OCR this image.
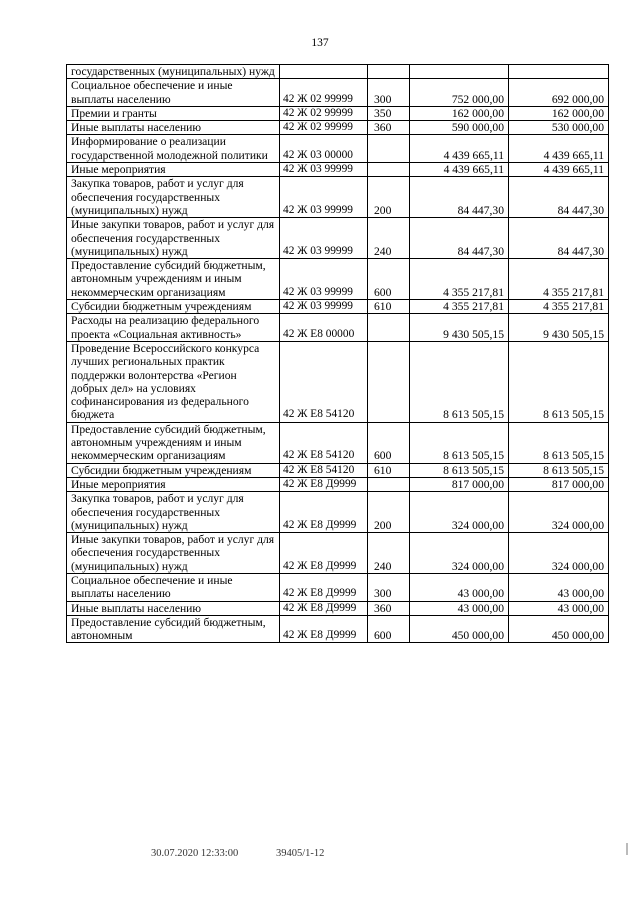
137
государственных (муниципальных) нужд				
Социальное обеспечение и иные выплаты населению	42 Ж 02 99999	300	752 000,00	692 000,00
Премии и гранты	42 Ж 02 99999	350	162 000,00	162 000,00
Иные выплаты населению	42 Ж 02 99999	360	590 000,00	530 000,00
Информирование о реализации государственной молодежной политики	42 Ж 03 00000		4 439 665,11	4 439 665,11
Иные мероприятия	42 Ж 03 99999		4 439 665,11	4 439 665,11
Закупка товаров, работ и услуг для обеспечения государственных (муниципальных) нужд	42 Ж 03 99999	200	84 447,30	84 447,30
Иные закупки товаров, работ и услуг для обеспечения государственных (муниципальных) нужд	42 Ж 03 99999	240	84 447,30	84 447,30
Предоставление субсидий бюджетным, автономным учреждениям и иным некоммерческим организациям	42 Ж 03 99999	600	4 355 217,81	4 355 217,81
Субсидии бюджетным учреждениям	42 Ж 03 99999	610	4 355 217,81	4 355 217,81
Расходы на реализацию федерального проекта «Социальная активность»	42 Ж E8 00000		9 430 505,15	9 430 505,15
Проведение Всероссийского конкурса лучших региональных практик поддержки волонтерства «Регион добрых дел» на условиях софинансирования из федерального бюджета	42 Ж E8 54120		8 613 505,15	8 613 505,15
Предоставление субсидий бюджетным, автономным учреждениям и иным некоммерческим организациям	42 Ж E8 54120	600	8 613 505,15	8 613 505,15
Субсидии бюджетным учреждениям	42 Ж E8 54120	610	8 613 505,15	8 613 505,15
Иные мероприятия	42 Ж E8 Д9999		817 000,00	817 000,00
Закупка товаров, работ и услуг для обеспечения государственных (муниципальных) нужд	42 Ж E8 Д9999	200	324 000,00	324 000,00
Иные закупки товаров, работ и услуг для обеспечения государственных (муниципальных) нужд	42 Ж E8 Д9999	240	324 000,00	324 000,00
Социальное обеспечение и иные выплаты населению	42 Ж E8 Д9999	300	43 000,00	43 000,00
Иные выплаты населению	42 Ж E8 Д9999	360	43 000,00	43 000,00
Предоставление субсидий бюджетным, автономным	42 Ж E8 Д9999	600	450 000,00	450 000,00
30.07.2020 12:33:00	39405/1-12
